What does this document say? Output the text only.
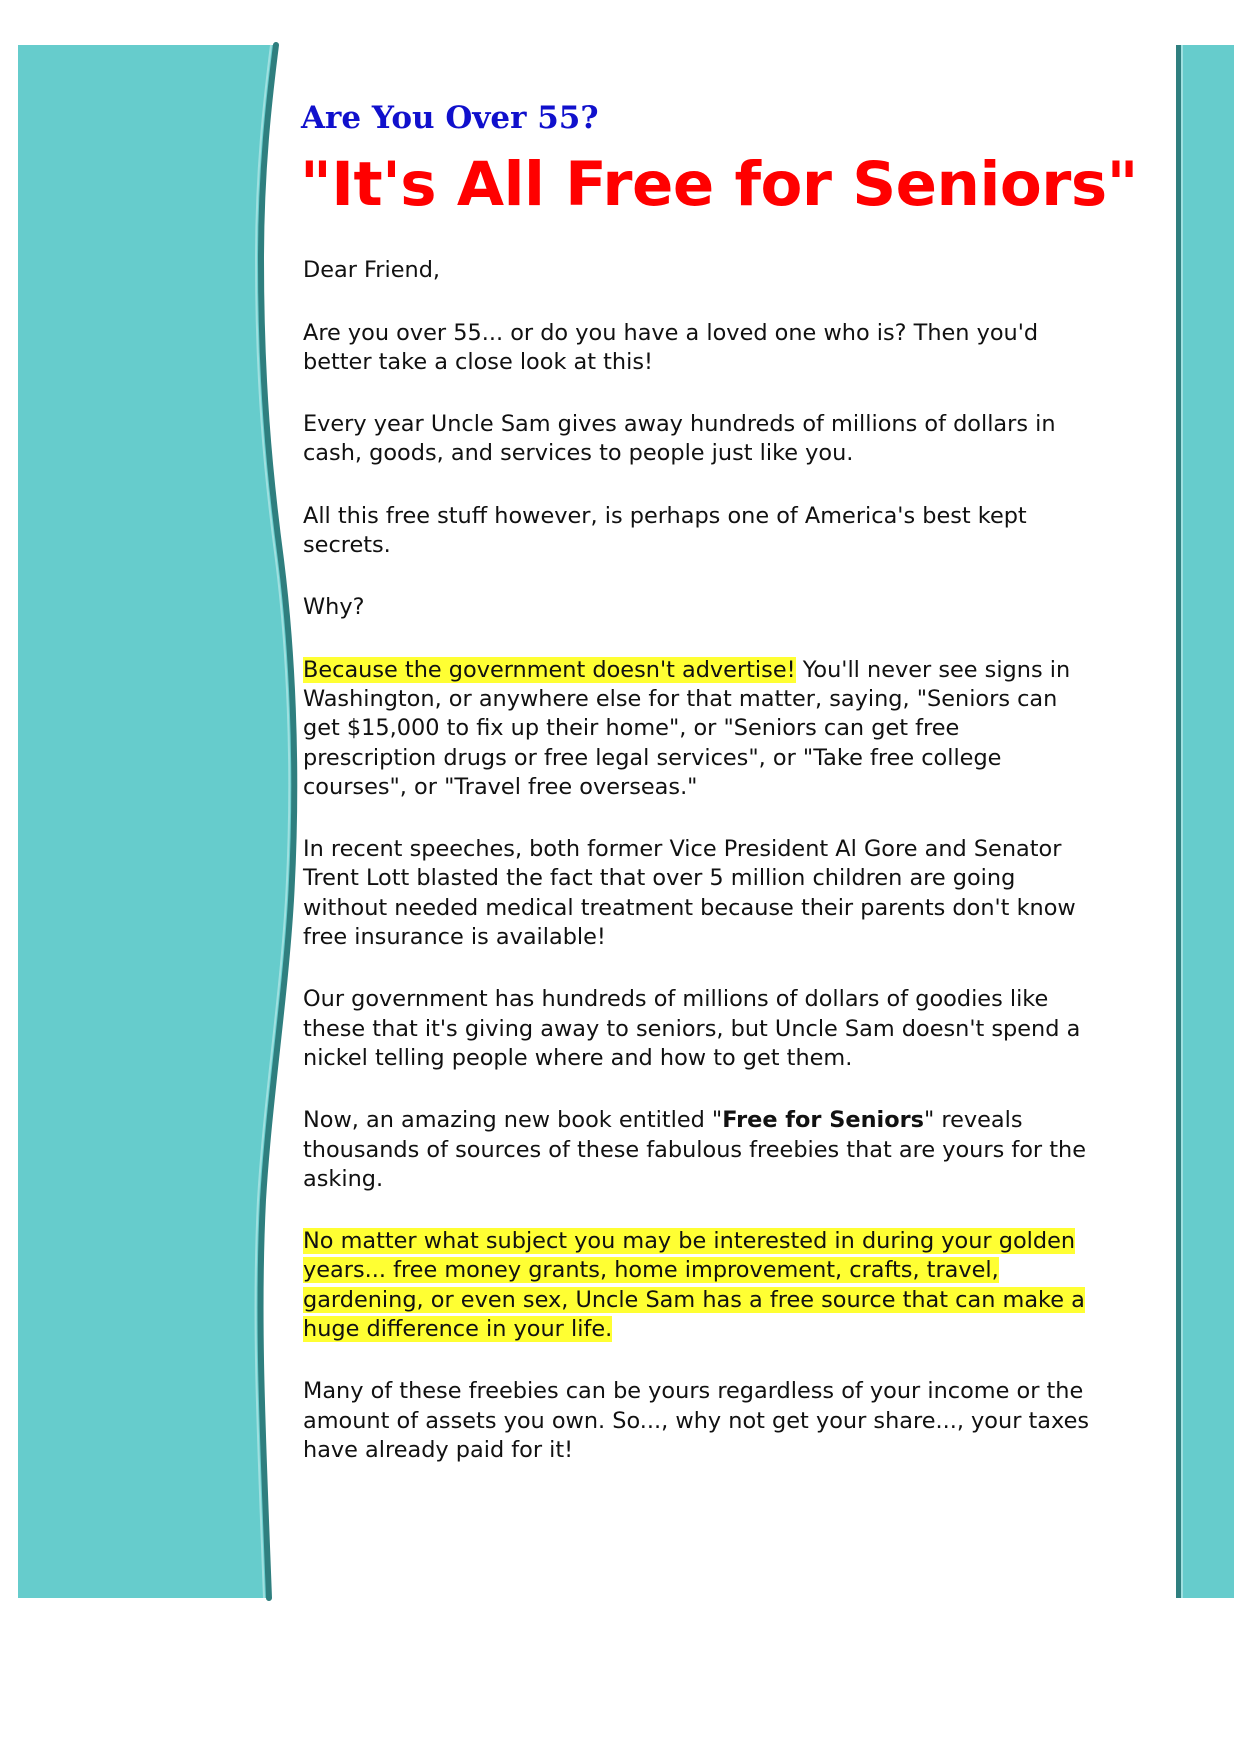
Are You Over 55?
"It's All Free for Seniors"

Dear Friend,

Are you over 55... or do you have a loved one who is? Then you'd better take a close look at this!

Every year Uncle Sam gives away hundreds of millions of dollars in cash, goods, and services to people just like you.

All this free stuff however, is perhaps one of America's best kept secrets.

Why?

Because the government doesn't advertise! You'll never see signs in Washington, or anywhere else for that matter, saying, "Seniors can get $15,000 to fix up their home", or "Seniors can get free prescription drugs or free legal services", or "Take free college courses", or "Travel free overseas."

In recent speeches, both former Vice President Al Gore and Senator Trent Lott blasted the fact that over 5 million children are going without needed medical treatment because their parents don't know free insurance is available!

Our government has hundreds of millions of dollars of goodies like these that it's giving away to seniors, but Uncle Sam doesn't spend a nickel telling people where and how to get them.

Now, an amazing new book entitled "Free for Seniors" reveals thousands of sources of these fabulous freebies that are yours for the asking.

No matter what subject you may be interested in during your golden years... free money grants, home improvement, crafts, travel, gardening, or even sex, Uncle Sam has a free source that can make a huge difference in your life.

Many of these freebies can be yours regardless of your income or the amount of assets you own. So..., why not get your share..., your taxes have already paid for it!
